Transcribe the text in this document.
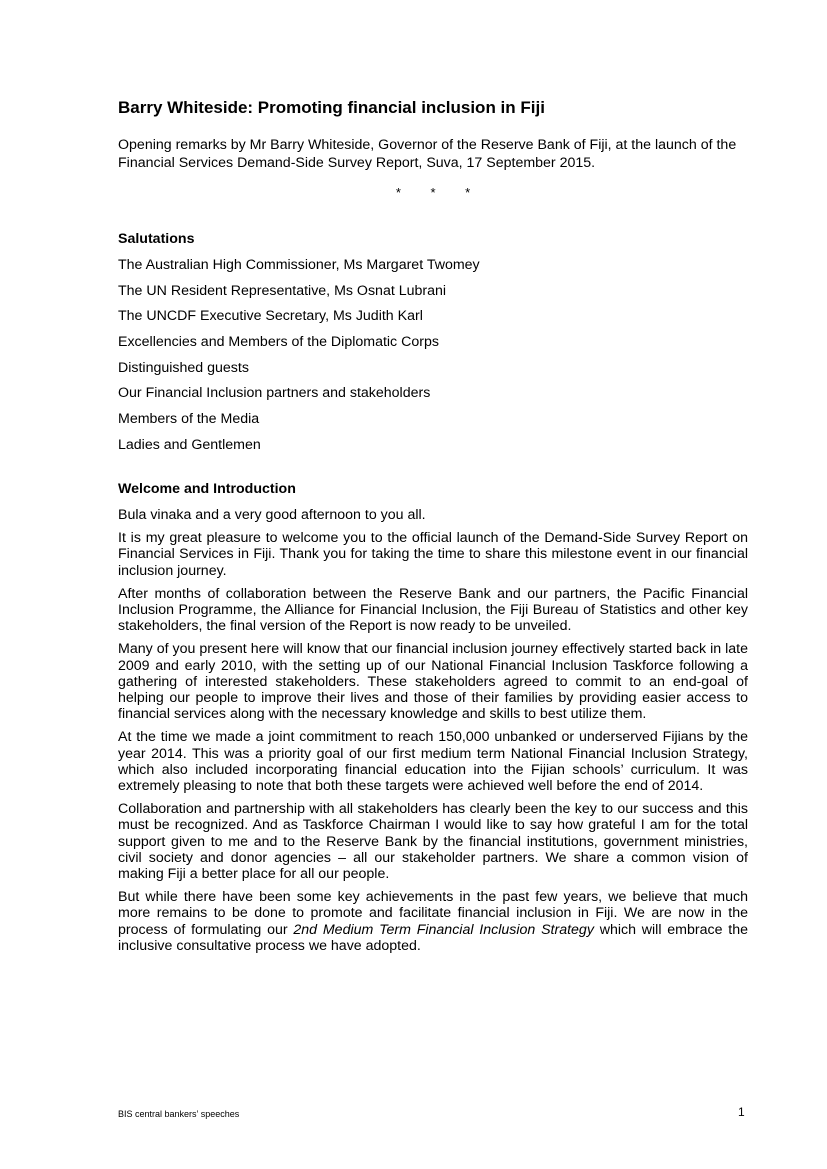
Barry Whiteside: Promoting financial inclusion in Fiji

Opening remarks by Mr Barry Whiteside, Governor of the Reserve Bank of Fiji, at the launch of the Financial Services Demand-Side Survey Report, Suva, 17 September 2015.

* * *
Salutations
The Australian High Commissioner, Ms Margaret Twomey
The UN Resident Representative, Ms Osnat Lubrani
The UNCDF Executive Secretary, Ms Judith Karl
Excellencies and Members of the Diplomatic Corps
Distinguished guests
Our Financial Inclusion partners and stakeholders
Members of the Media
Ladies and Gentlemen
Welcome and Introduction

Bula vinaka and a very good afternoon to you all.

It is my great pleasure to welcome you to the official launch of the Demand-Side Survey Report on Financial Services in Fiji. Thank you for taking the time to share this milestone event in our financial inclusion journey.

After months of collaboration between the Reserve Bank and our partners, the Pacific Financial Inclusion Programme, the Alliance for Financial Inclusion, the Fiji Bureau of Statistics and other key stakeholders, the final version of the Report is now ready to be unveiled.

Many of you present here will know that our financial inclusion journey effectively started back in late 2009 and early 2010, with the setting up of our National Financial Inclusion Taskforce following a gathering of interested stakeholders. These stakeholders agreed to commit to an end-goal of helping our people to improve their lives and those of their families by providing easier access to financial services along with the necessary knowledge and skills to best utilize them.

At the time we made a joint commitment to reach 150,000 unbanked or underserved Fijians by the year 2014. This was a priority goal of our first medium term National Financial Inclusion Strategy, which also included incorporating financial education into the Fijian schools’ curriculum. It was extremely pleasing to note that both these targets were achieved well before the end of 2014.

Collaboration and partnership with all stakeholders has clearly been the key to our success and this must be recognized. And as Taskforce Chairman I would like to say how grateful I am for the total support given to me and to the Reserve Bank by the financial institutions, government ministries, civil society and donor agencies – all our stakeholder partners. We share a common vision of making Fiji a better place for all our people.

But while there have been some key achievements in the past few years, we believe that much more remains to be done to promote and facilitate financial inclusion in Fiji. We are now in the process of formulating our 2nd Medium Term Financial Inclusion Strategy which will embrace the inclusive consultative process we have adopted.

BIS central bankers’ speeches	1
